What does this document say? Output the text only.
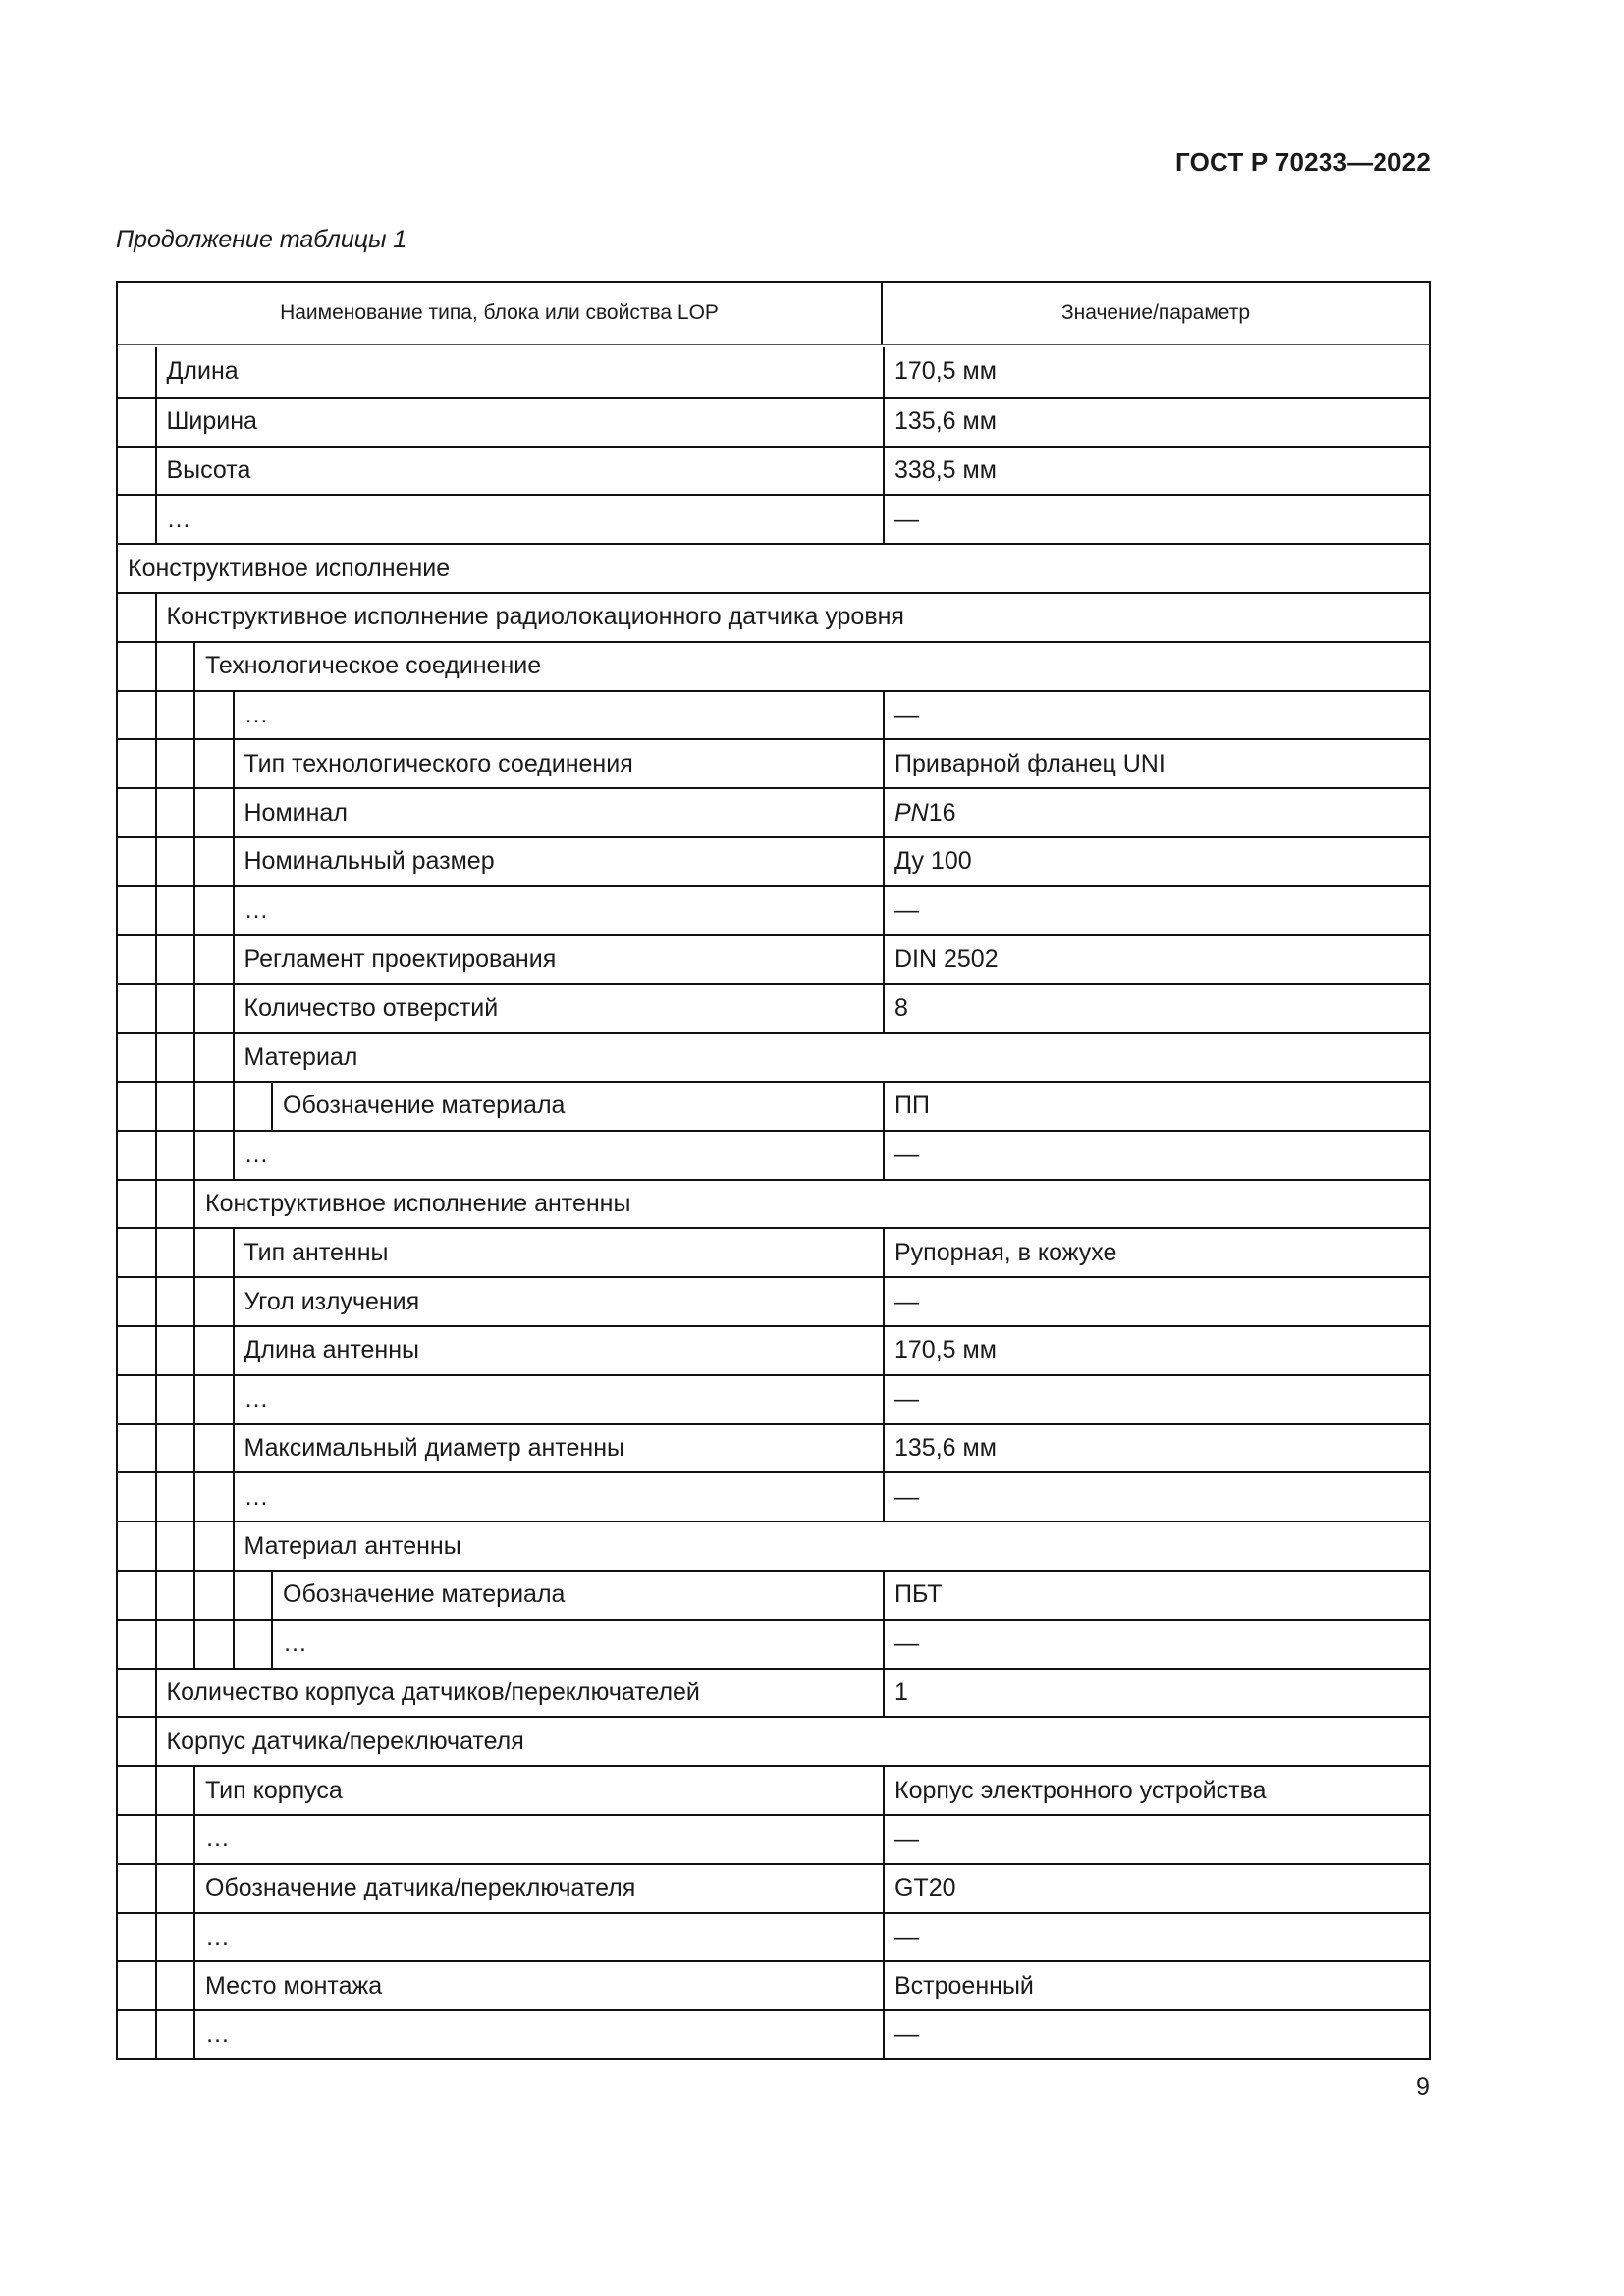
ГОСТ Р 70233—2022
Продолжение таблицы 1
Наименование типа, блока или свойства LOP	Значение/параметр
Длина	170,5 мм
Ширина	135,6 мм
Высота	338,5 мм
…	—
Конструктивное исполнение
Конструктивное исполнение радиолокационного датчика уровня
Технологическое соединение
…	—
Тип технологического соединения	Приварной фланец UNI
Номинал	PN 16
Номинальный размер	Ду 100
…	—
Регламент проектирования	DIN 2502
Количество отверстий	8
Материал
Обозначение материала	ПП
…	—
Конструктивное исполнение антенны
Тип антенны	Рупорная, в кожухе
Угол излучения	—
Длина антенны	170,5 мм
…	—
Максимальный диаметр антенны	135,6 мм
…	—
Материал антенны
Обозначение материала	ПБТ
…	—
Количество корпуса датчиков/переключателей	1
Корпус датчика/переключателя
Тип корпуса	Корпус электронного устройства
…	—
Обозначение датчика/переключателя	GT20
…	—
Место монтажа	Встроенный
…	—
9
